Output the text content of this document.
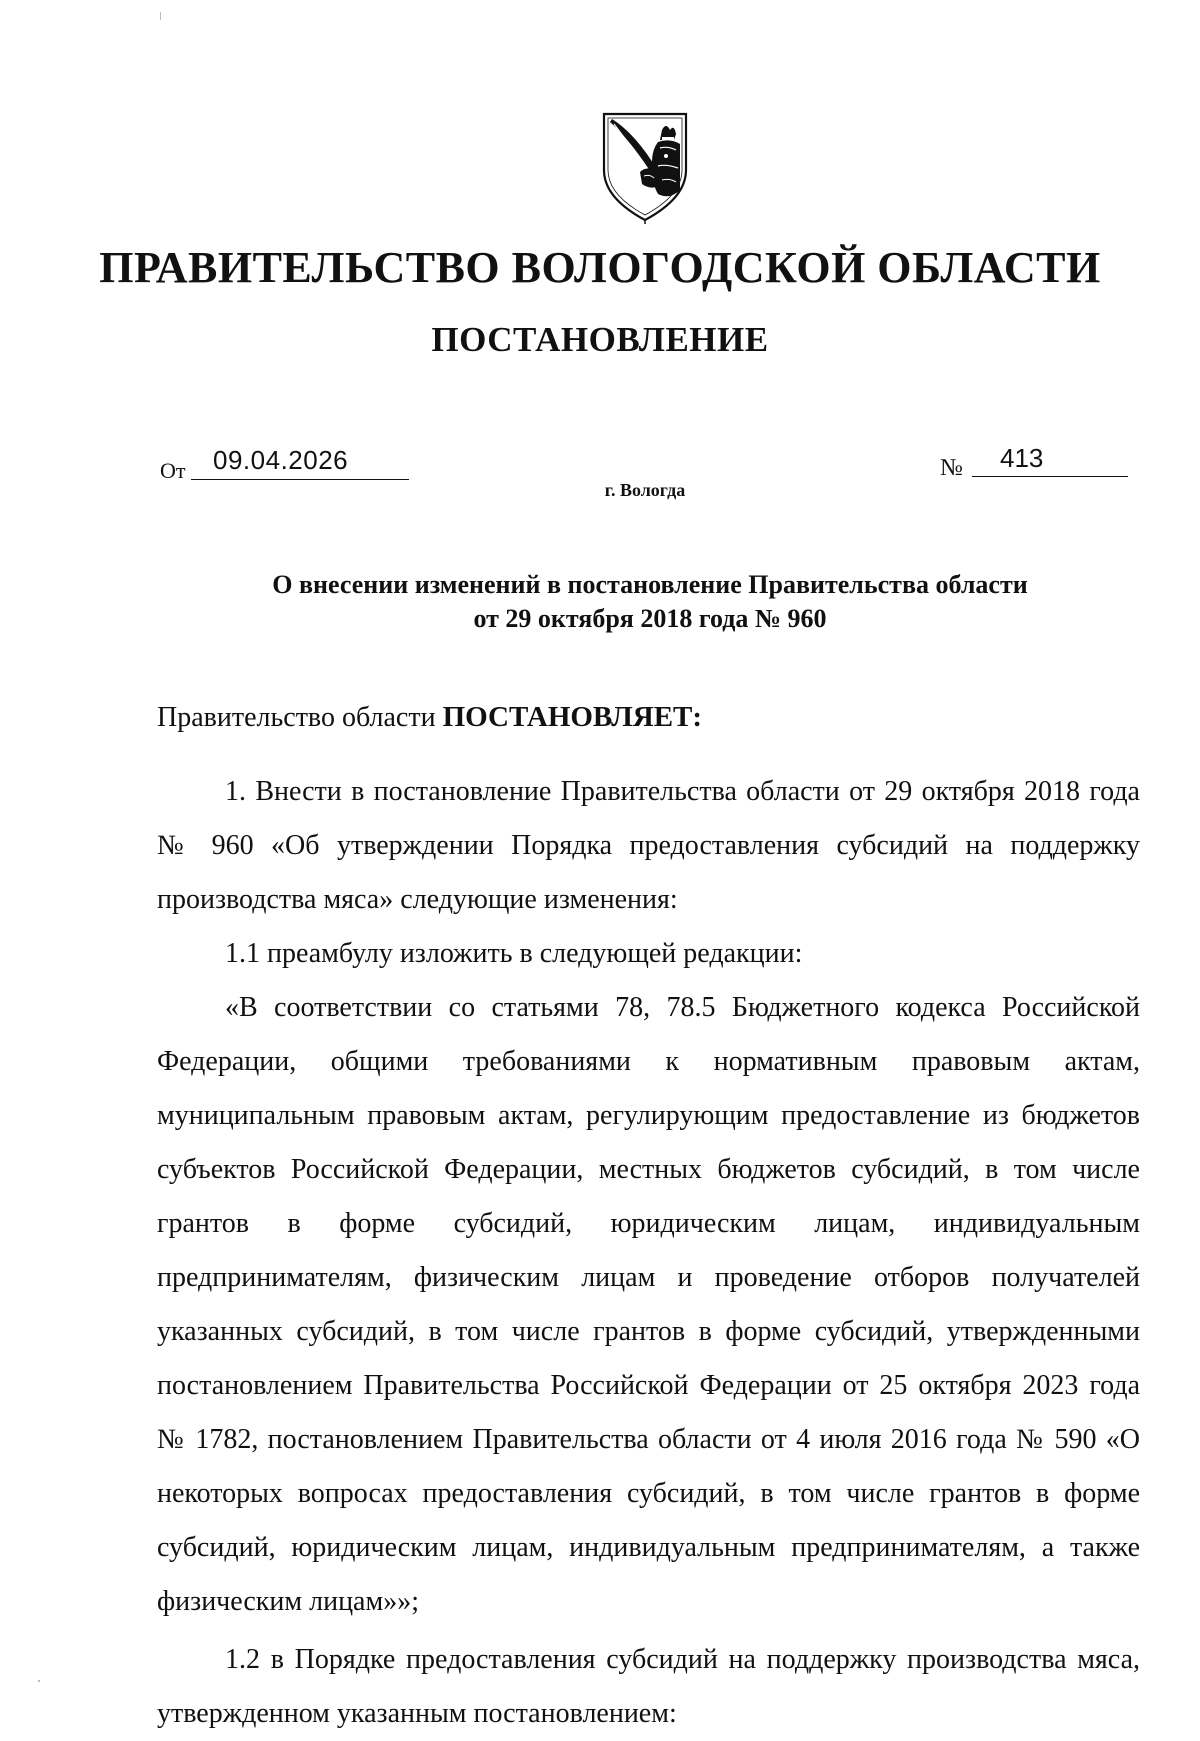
ПРАВИТЕЛЬСТВО ВОЛОГОДСКОЙ ОБЛАСТИ
ПОСТАНОВЛЕНИЕ
От 09.04.2026	№ 413
г. Вологда
О внесении изменений в постановление Правительства области
от 29 октября 2018 года № 960

Правительство области ПОСТАНОВЛЯЕТ:

1. Внести в постановление Правительства области от 29 октября 2018 года № 960 «Об утверждении Порядка предоставления субсидий на поддержку производства мяса» следующие изменения:

1.1 преамбулу изложить в следующей редакции:

«В соответствии со статьями 78, 78.5 Бюджетного кодекса Российской Федерации, общими требованиями к нормативным правовым актам, муниципальным правовым актам, регулирующим предоставление из бюджетов субъектов Российской Федерации, местных бюджетов субсидий, в том числе грантов в форме субсидий, юридическим лицам, индивидуальным предпринимателям, физическим лицам и проведение отборов получателей указанных субсидий, в том числе грантов в форме субсидий, утвержденными постановлением Правительства Российской Федерации от 25 октября 2023 года № 1782, постановлением Правительства области от 4 июля 2016 года № 590 «О некоторых вопросах предоставления субсидий, в том числе грантов в форме субсидий, юридическим лицам, индивидуальным предпринимателям, а также физическим лицам»»;

1.2 в Порядке предоставления субсидий на поддержку производства мяса, утвержденном указанным постановлением:
